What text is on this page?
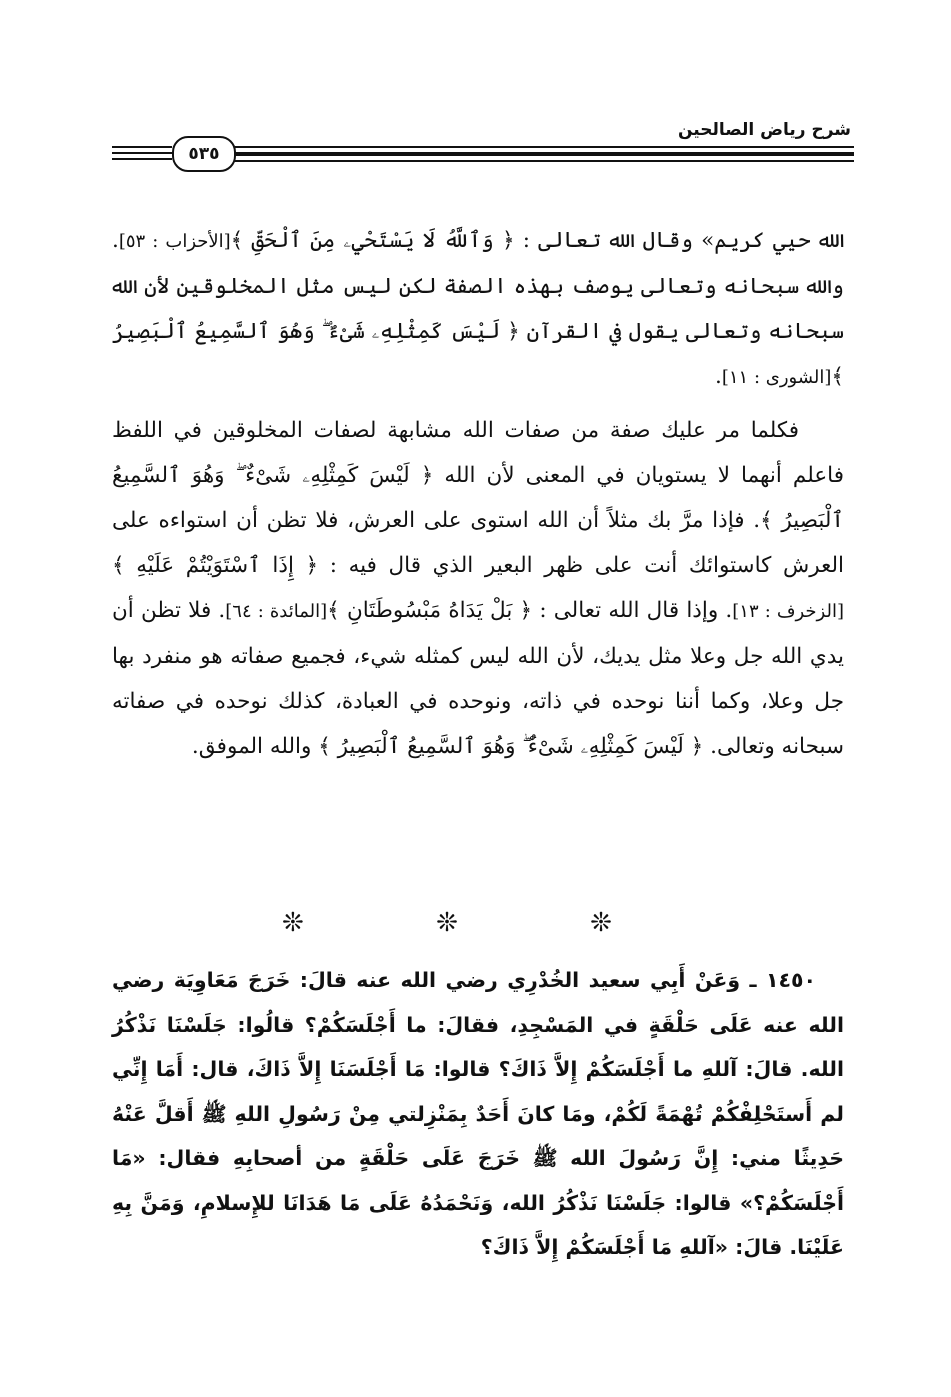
شرح رياض الصالحين
٥٣٥

الله حيي كريم» وقال الله تعالى : ﴿ وَٱللَّهُ لَا يَسْتَحْيِۦ مِنَ ٱلْحَقِّ ﴾[الأحزاب : ٥٣]. والله سبحانه وتعالى يوصف بهذه الصفة لكن ليس مثل المخلوقين لأن الله سبحانه وتعالى يقول في القرآن ﴿ لَيْسَ كَمِثْلِهِۦ شَىْءٌ ۖ وَهُوَ ٱلسَّمِيعُ ٱلْبَصِيرُ ﴾[الشورى : ١١].

فكلما مر عليك صفة من صفات الله مشابهة لصفات المخلوقين في اللفظ فاعلم أنهما لا يستويان في المعنى لأن الله ﴿ لَيْسَ كَمِثْلِهِۦ شَىْءٌ ۖ وَهُوَ ٱلسَّمِيعُ ٱلْبَصِيرُ ﴾. فإذا مرَّ بك مثلاً أن الله استوى على العرش، فلا تظن أن استواءه على العرش كاستوائك أنت على ظهر البعير الذي قال فيه : ﴿ إِذَا ٱسْتَوَيْتُمْ عَلَيْهِ ﴾[الزخرف : ١٣]. وإذا قال الله تعالى : ﴿ بَلْ يَدَاهُ مَبْسُوطَتَانِ ﴾[المائدة : ٦٤]. فلا تظن أن يدي الله جل وعلا مثل يديك، لأن الله ليس كمثله شيء، فجميع صفاته هو منفرد بها جل وعلا، وكما أننا نوحده في ذاته، ونوحده في العبادة، كذلك نوحده في صفاته سبحانه وتعالى. ﴿ لَيْسَ كَمِثْلِهِۦ شَىْءٌ ۖ وَهُوَ ٱلسَّمِيعُ ٱلْبَصِيرُ ﴾ والله الموفق.

❊ ❊ ❊

١٤٥٠ ـ وَعَنْ أَبِي سعيد الخُدْرِي رضي الله عنه قالَ: خَرَجَ مَعَاوِيَة رضي الله عنه عَلَى حَلْقَةٍ في المَسْجِدِ، فقالَ: ما أَجْلَسَكُمْ؟ قالُوا: جَلَسْنَا نَذْكُرُ الله. قالَ: آللهِ ما أَجْلَسَكُمْ إِلاَّ ذَاكَ؟ قالوا: مَا أَجْلَسَنَا إِلاَّ ذَاكَ، قال: أَمَا إِنِّي لم أَستَحْلِفْكُمْ تُهْمَةً لَكُمْ، ومَا كانَ أَحَدٌ بِمَنْزِلتي مِنْ رَسُولِ اللهِ ﷺ أَقلَّ عَنْهُ حَدِيثًا مني: إِنَّ رَسُولَ الله ﷺ خَرَجَ عَلَى حَلْقَةٍ من أصحابِهِ فقال: «مَا أَجْلَسَكُمْ؟» قالوا: جَلَسْنَا نَذْكُرُ الله، وَنَحْمَدُهُ عَلَى مَا هَدَانَا للإِسلامِ، وَمَنَّ بِهِ عَلَيْنَا. قالَ: «آللهِ مَا أَجْلَسَكُمْ إِلاَّ ذَاكَ؟
